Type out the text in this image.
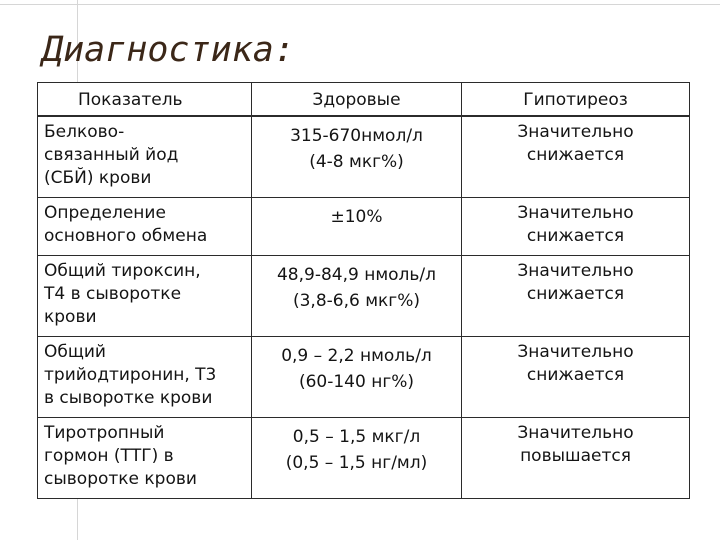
Диагностика:
Показатель	Здоровые	Гипотиреоз

Белково-
связанный йод
(СБЙ) крови	315-670нмол/л
(4-8 мкг%)	Значительно
снижается

Определение
основного обмена	±10%	Значительно
снижается

Общий тироксин,
Т4 в сыворотке
крови	48,9-84,9 нмоль/л
(3,8-6,6 мкг%)	Значительно
снижается

Общий
трийодтиронин, Т3
в сыворотке крови	0,9 – 2,2 нмоль/л
(60-140 нг%)	Значительно
снижается

Тиротропный
гормон (ТТГ) в
сыворотке крови	0,5 – 1,5 мкг/л
(0,5 – 1,5 нг/мл)	Значительно
повышается
